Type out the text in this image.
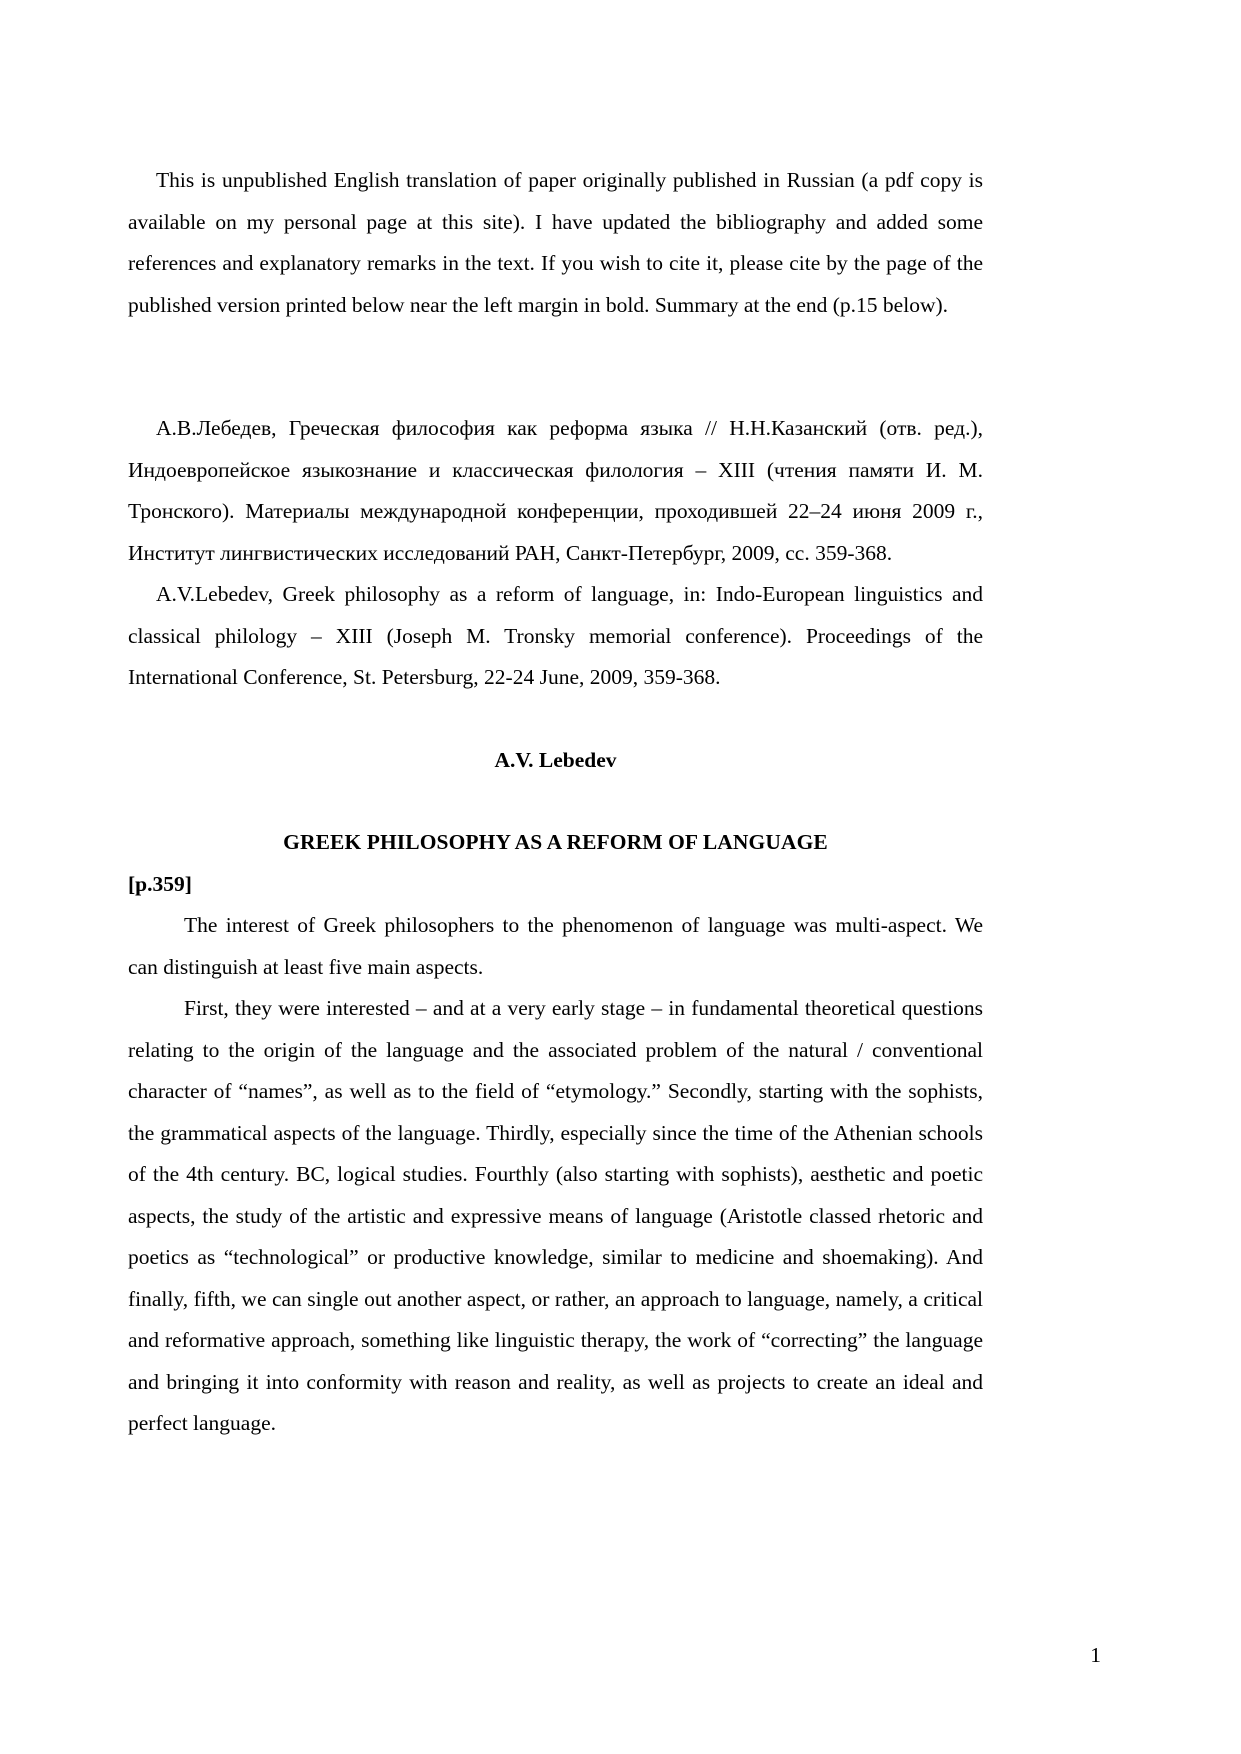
This is unpublished English translation of paper originally published in Russian (a pdf copy is available on my personal page at this site). I have updated the bibliography and added some references and explanatory remarks in the text. If you wish to cite it, please cite by the page of the published version printed below near the left margin in bold. Summary at the end (p.15 below).

А.В.Лебедев, Греческая философия как реформа языка // Н.Н.Казанский (отв. ред.), Индоевропейское языкознание и классическая филология – XIII (чтения памяти И. М. Тронского). Материалы международной конференции, проходившей 22–24 июня 2009 г., Институт лингвистических исследований РАН, Санкт-Петербург, 2009, сс. 359-368.

A.V.Lebedev, Greek philosophy as a reform of language, in: Indo-European linguistics and classical philology – XIII (Joseph M. Tronsky memorial conference). Proceedings of the International Conference, St. Petersburg, 22-24 June, 2009, 359-368.

A.V. Lebedev
GREEK PHILOSOPHY AS A REFORM OF LANGUAGE
[p.359]

The interest of Greek philosophers to the phenomenon of language was multi-aspect. We can distinguish at least five main aspects.

First, they were interested – and at a very early stage – in fundamental theoretical questions relating to the origin of the language and the associated problem of the natural / conventional character of “names”, as well as to the field of “etymology.” Secondly, starting with the sophists, the grammatical aspects of the language. Thirdly, especially since the time of the Athenian schools of the 4th century. BC, logical studies. Fourthly (also starting with sophists), aesthetic and poetic aspects, the study of the artistic and expressive means of language (Aristotle classed rhetoric and poetics as “technological” or productive knowledge, similar to medicine and shoemaking). And finally, fifth, we can single out another aspect, or rather, an approach to language, namely, a critical and reformative approach, something like linguistic therapy, the work of “correcting” the language and bringing it into conformity with reason and reality, as well as projects to create an ideal and perfect language.

1
